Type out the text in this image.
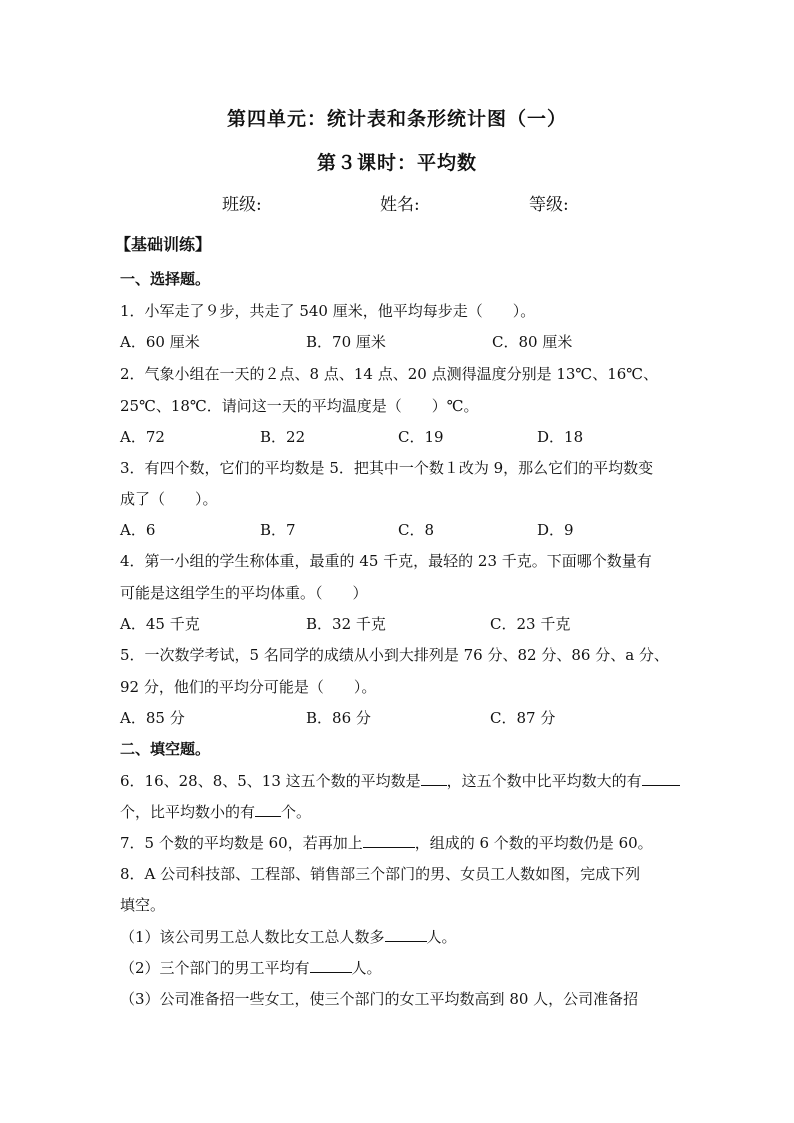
第四单元：统计表和条形统计图（一）
第３课时：平均数
班级:	姓名:	等级:
【基础训练】
一、选择题。
1．小军走了９步，共走了 540 厘米，他平均每步走（　　）。
A．60 厘米	B．70 厘米	C．80 厘米
2．气象小组在一天的２点、8 点、14 点、20 点测得温度分别是 13℃、16℃、
25℃、18℃．请问这一天的平均温度是（　　）℃。
A．72	B．22	C．19	D．18
3．有四个数，它们的平均数是 5．把其中一个数１改为 9，那么它们的平均数变
成了（　　）。
A．6	B．7	C．8	D．9
4．第一小组的学生称体重，最重的 45 千克，最轻的 23 千克。下面哪个数量有
可能是这组学生的平均体重。（　　）
A．45 千克	B．32 千克	C．23 千克
5．一次数学考试，5 名同学的成绩从小到大排列是 76 分、82 分、86 分、a 分、
92 分，他们的平均分可能是（　　）。
A．85 分	B．86 分	C．87 分
二、填空题。
6．16、28、8、5、13 这五个数的平均数是 ，这五个数中比平均数大的有
个，比平均数小的有 个。
7．5 个数的平均数是 60，若再加上	，组成的 6 个数的平均数仍是 60。
8．A 公司科技部、工程部、销售部三个部门的男、女员工人数如图，完成下列
填空。
（1）该公司男工总人数比女工总人数多	人。
（2）三个部门的男工平均有	人。
（3）公司准备招一些女工，使三个部门的女工平均数高到 80 人，公司准备招
